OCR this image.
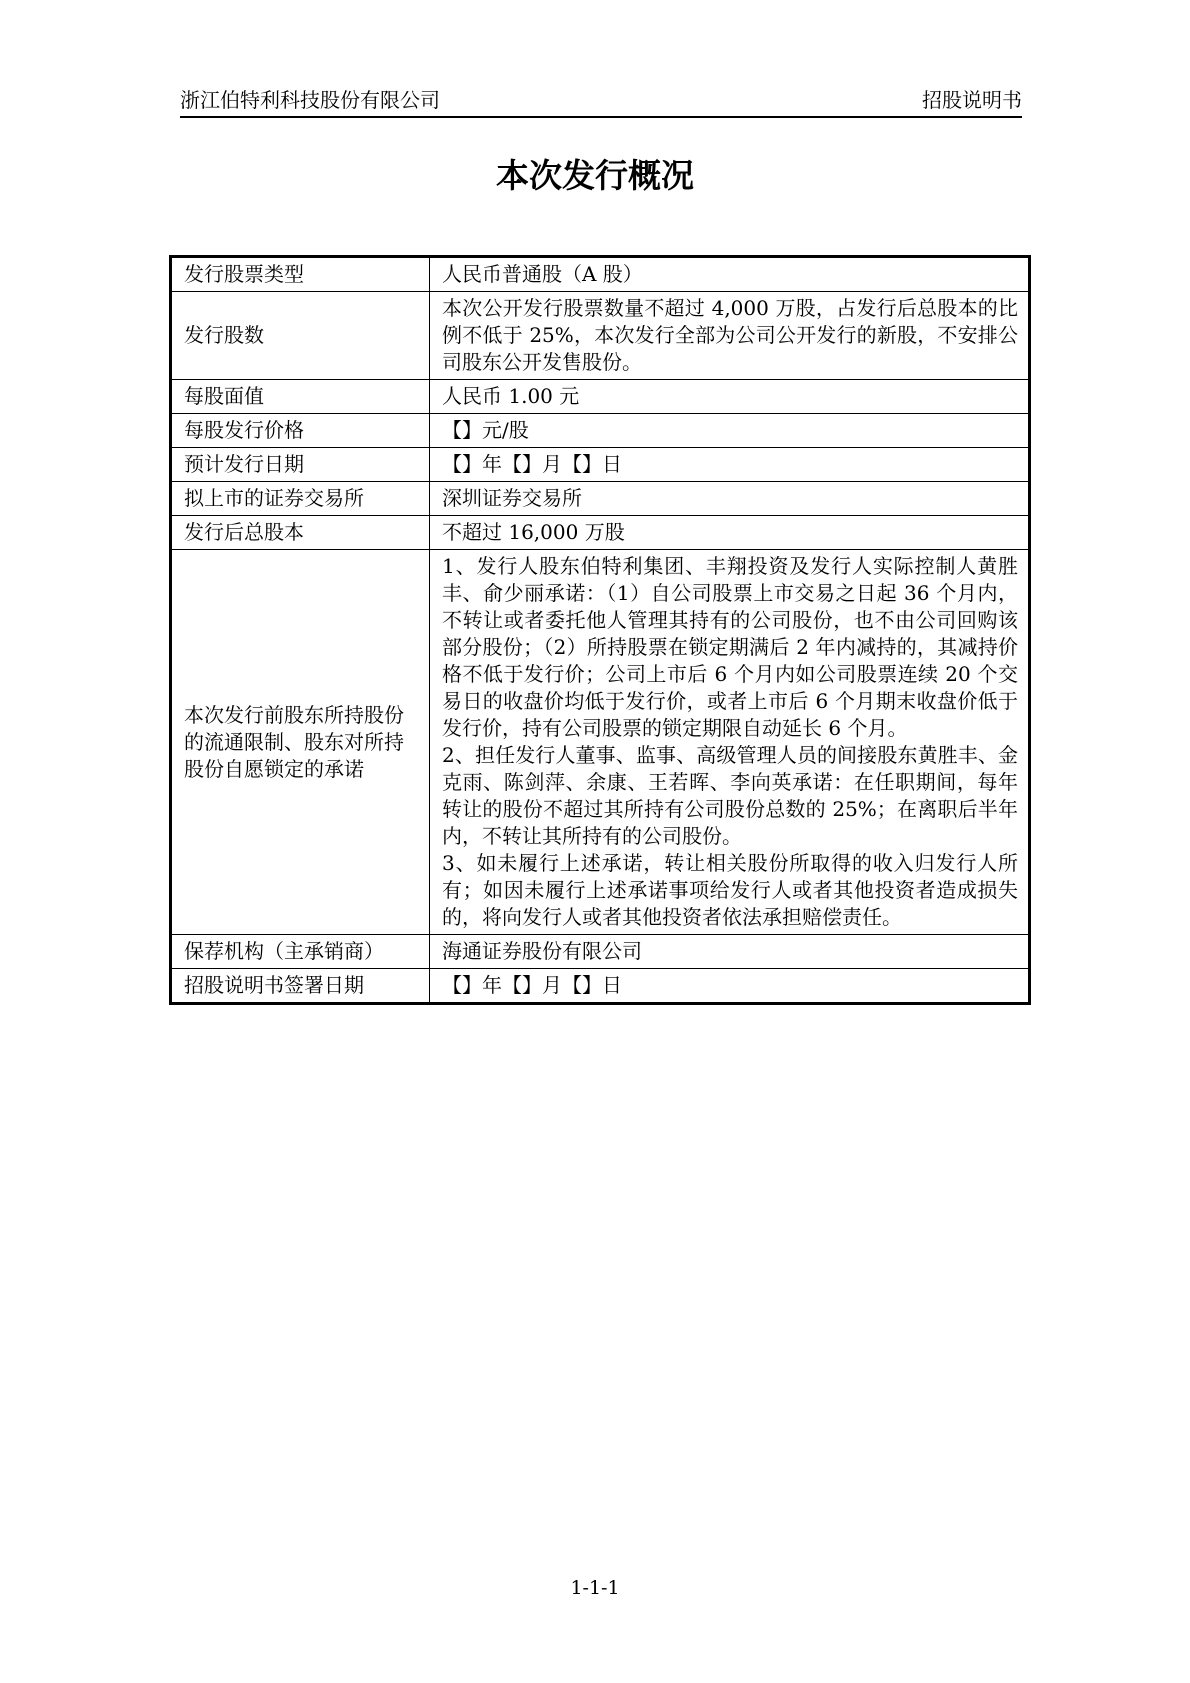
浙江伯特利科技股份有限公司	招股说明书
本次发行概况
发行股票类型	人民币普通股（A 股）
发行股数	本次公开发行股票数量不超过 4,000 万股，占发行后总股本的比例不低于 25%，本次发行全部为公司公开发行的新股，不安排公司股东公开发售股份。
每股面值	人民币 1.00 元
每股发行价格	【】元/股
预计发行日期	【】年【】月【】日
拟上市的证券交易所	深圳证券交易所
发行后总股本	不超过 16,000 万股
本次发行前股东所持股份的流通限制、股东对所持股份自愿锁定的承诺	1、发行人股东伯特利集团、丰翔投资及发行人实际控制人黄胜丰、俞少丽承诺：（1）自公司股票上市交易之日起 36 个月内，不转让或者委托他人管理其持有的公司股份，也不由公司回购该部分股份；（2）所持股票在锁定期满后 2 年内减持的，其减持价格不低于发行价；公司上市后 6 个月内如公司股票连续 20 个交易日的收盘价均低于发行价，或者上市后 6 个月期末收盘价低于发行价，持有公司股票的锁定期限自动延长 6 个月。

2、担任发行人董事、监事、高级管理人员的间接股东黄胜丰、金克雨、陈剑萍、余康、王若晖、李向英承诺：在任职期间，每年转让的股份不超过其所持有公司股份总数的 25%；在离职后半年内，不转让其所持有的公司股份。

3、如未履行上述承诺，转让相关股份所取得的收入归发行人所有；如因未履行上述承诺事项给发行人或者其他投资者造成损失的，将向发行人或者其他投资者依法承担赔偿责任。

保荐机构（主承销商）	海通证券股份有限公司
招股说明书签署日期	【】年【】月【】日
1-1-1
